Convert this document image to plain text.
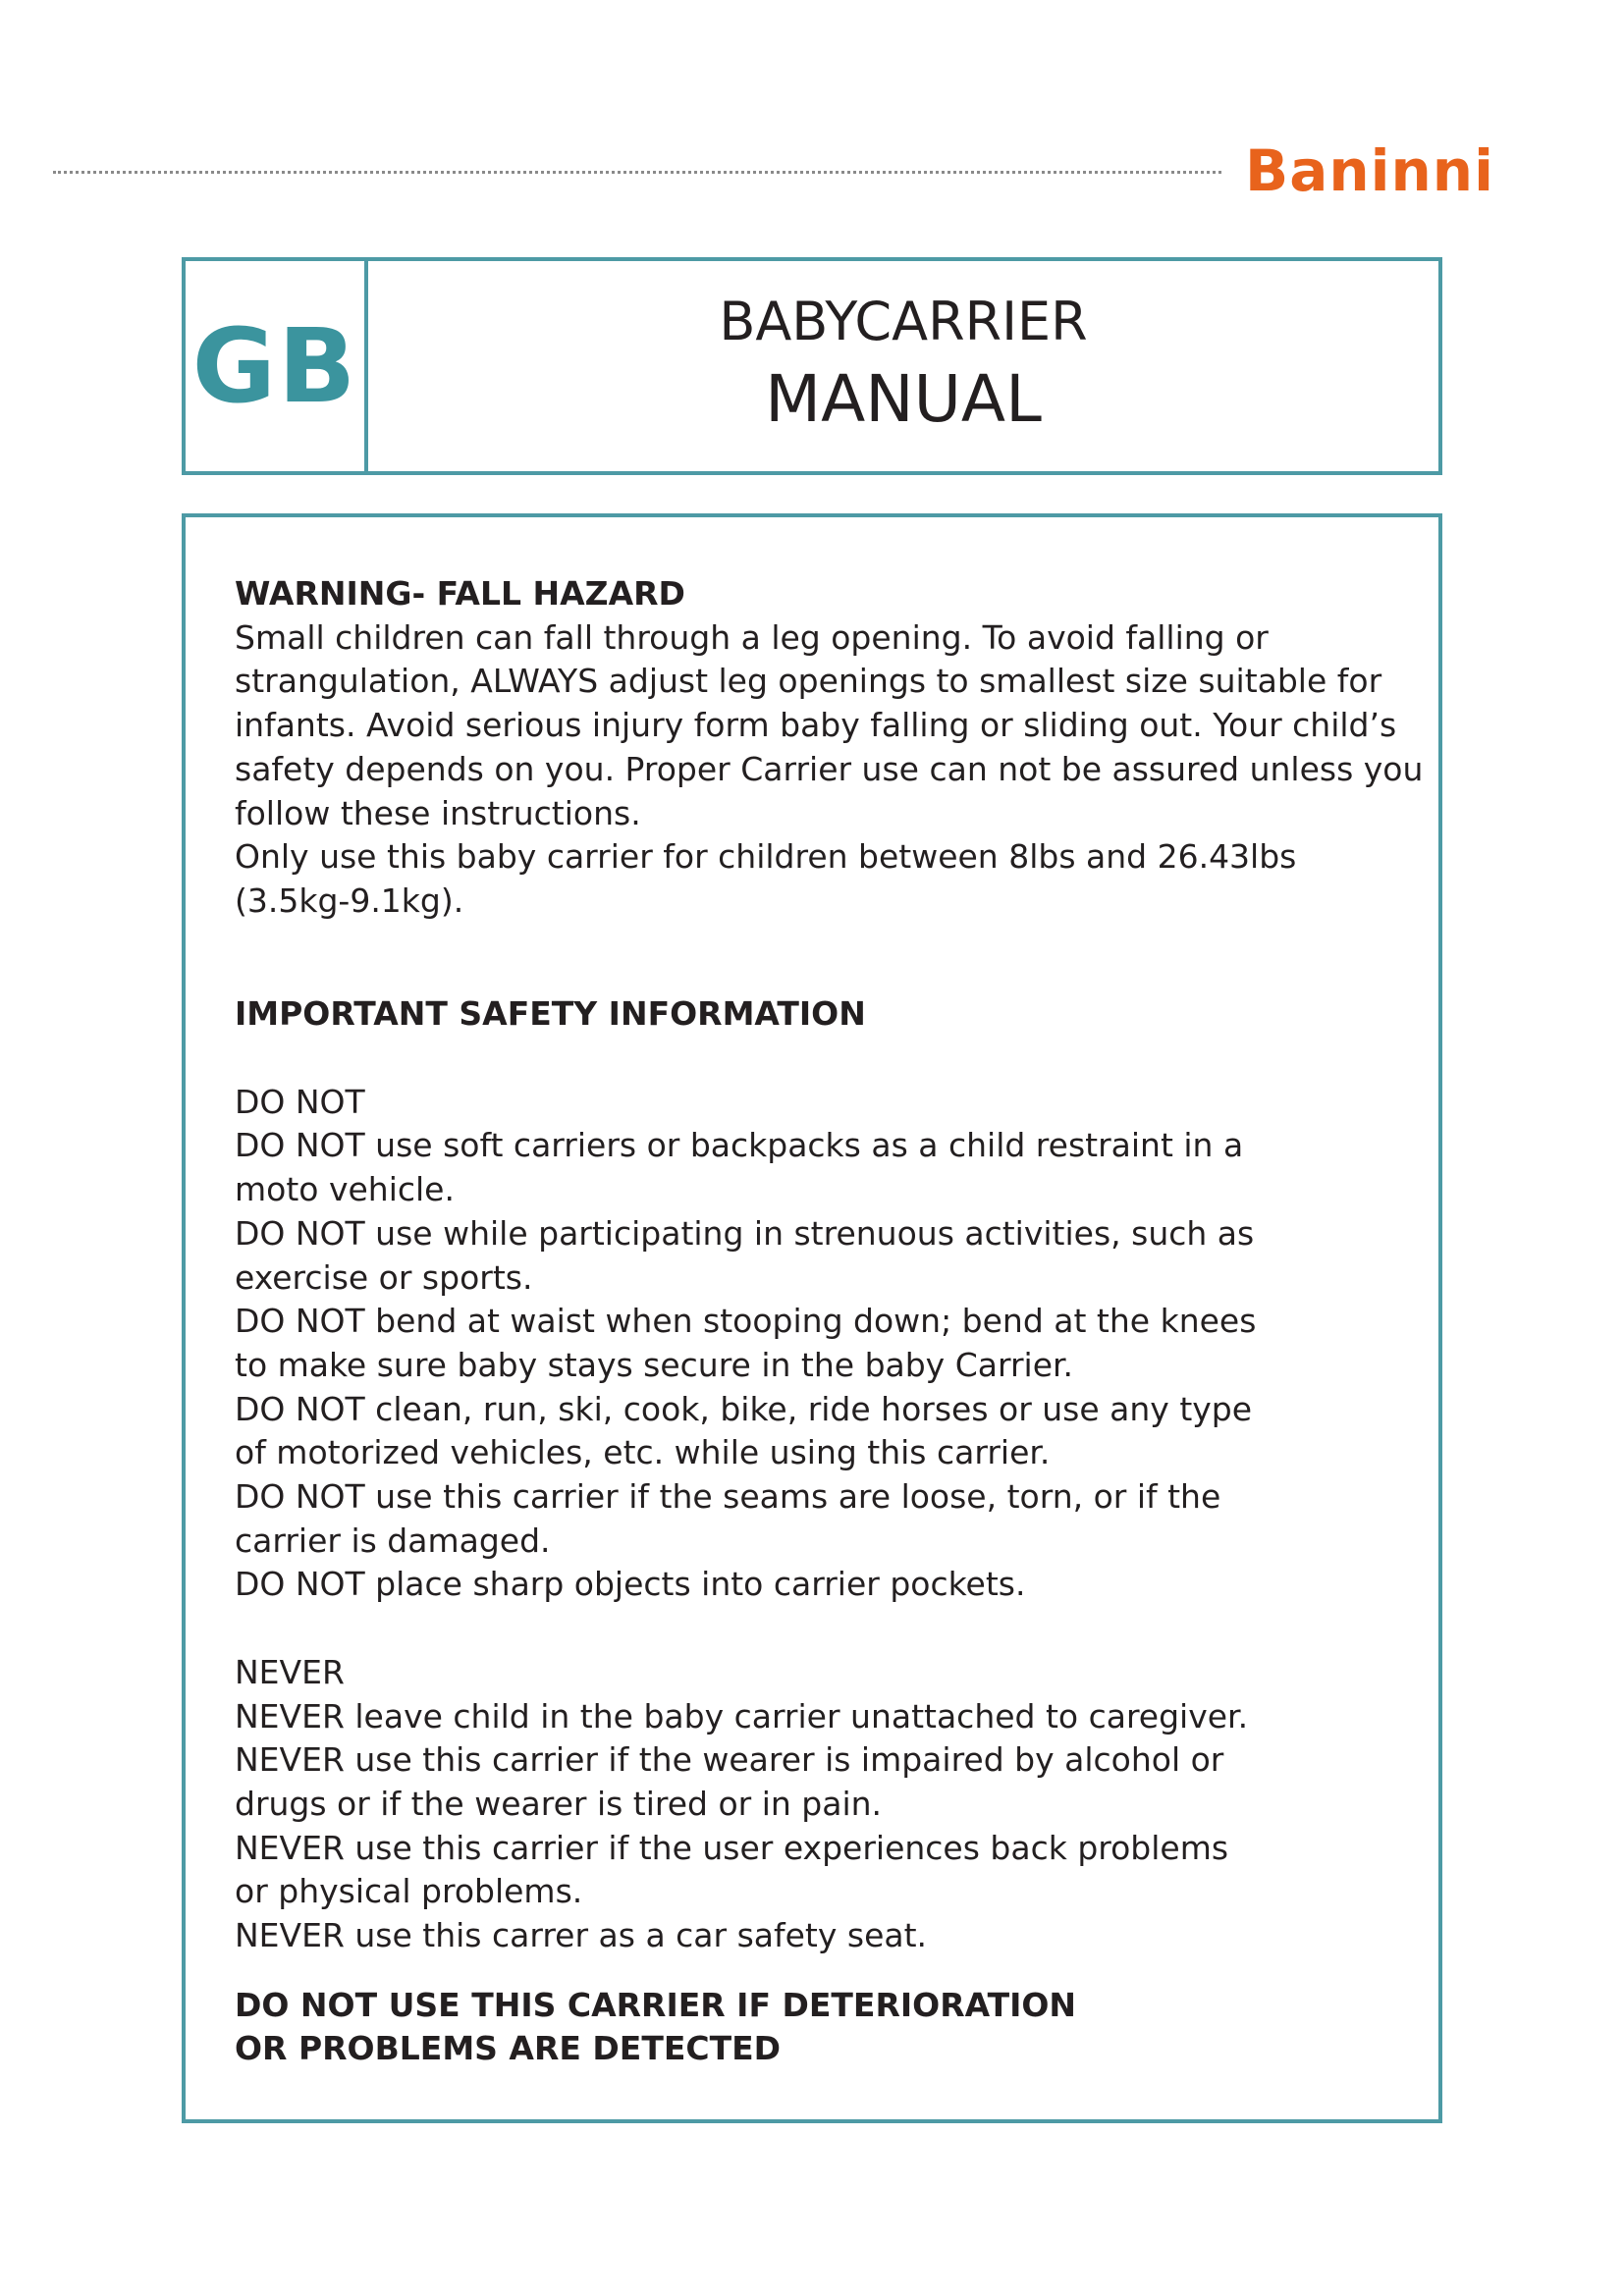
Baninni
GB	BABYCARRIER
MANUAL
WARNING- FALL HAZARD
Small children can fall through a leg opening. To avoid falling or
strangulation, ALWAYS adjust leg openings to smallest size suitable for
infants. Avoid serious injury form baby falling or sliding out. Your child’s
safety depends on you. Proper Carrier use can not be assured unless you
follow these instructions.
Only use this baby carrier for children between 8lbs and 26.43lbs
(3.5kg-9.1kg).
IMPORTANT SAFETY INFORMATION
DO NOT
DO NOT use soft carriers or backpacks as a child restraint in a
moto vehicle.
DO NOT use while participating in strenuous activities, such as
exercise or sports.
DO NOT bend at waist when stooping down; bend at the knees
to make sure baby stays secure in the baby Carrier.
DO NOT clean, run, ski, cook, bike, ride horses or use any type
of motorized vehicles, etc. while using this carrier.
DO NOT use this carrier if the seams are loose, torn, or if the
carrier is damaged.
DO NOT place sharp objects into carrier pockets.
NEVER
NEVER leave child in the baby carrier unattached to caregiver.
NEVER use this carrier if the wearer is impaired by alcohol or
drugs or if the wearer is tired or in pain.
NEVER use this carrier if the user experiences back problems
or physical problems.
NEVER use this carrer as a car safety seat.
DO NOT USE THIS CARRIER IF DETERIORATION
OR PROBLEMS ARE DETECTED
